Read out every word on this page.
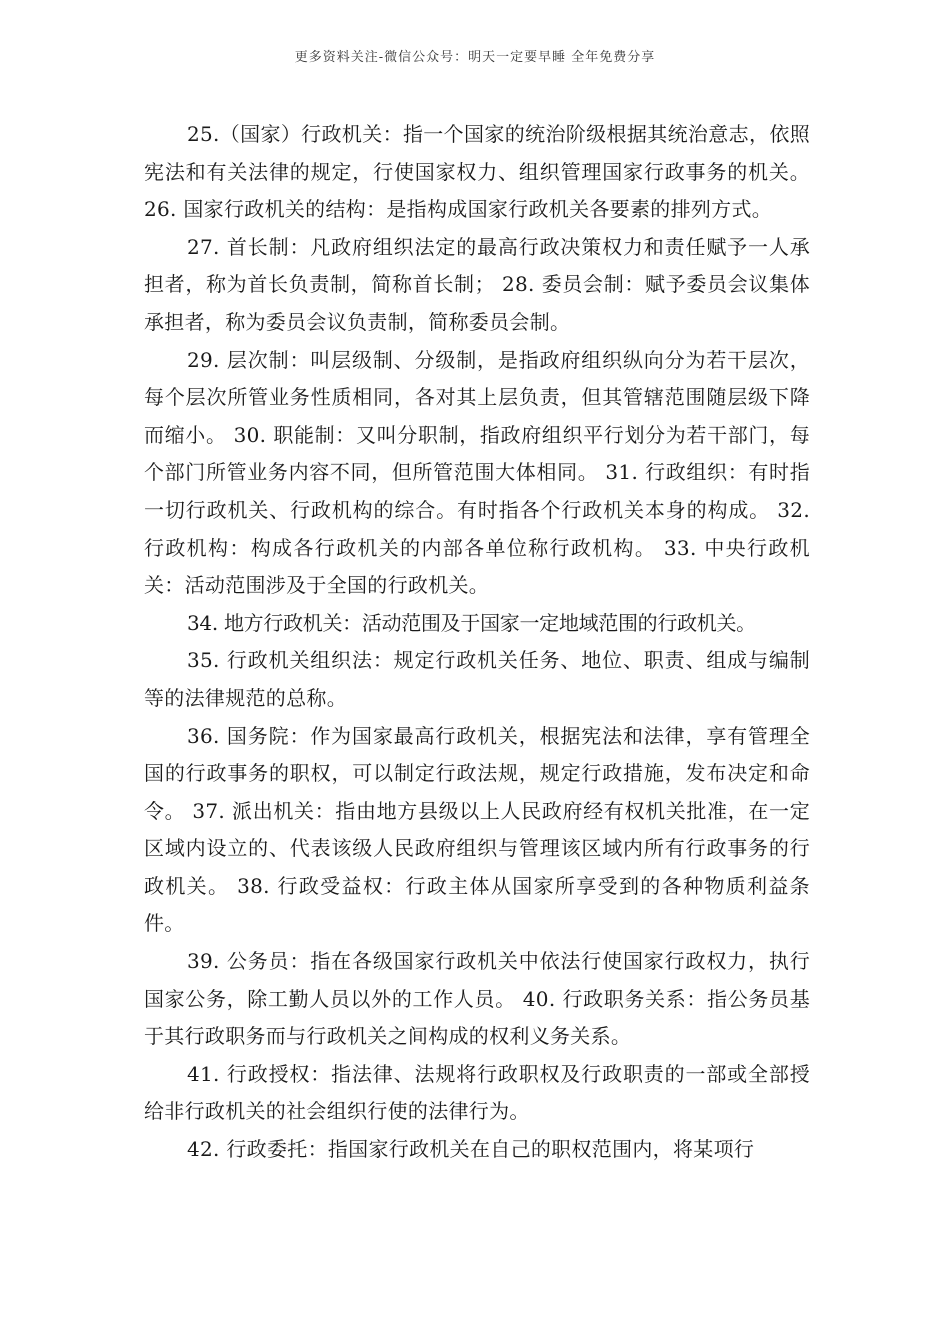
更多资料关注-微信公众号：明天一定要早睡 全年免费分享

25.（国家）行政机关：指一个国家的统治阶级根据其统治意志，依照宪法和有关法律的规定，行使国家权力、组织管理国家行政事务的机关。 26. 国家行政机关的结构：是指构成国家行政机关各要素的排列方式。

27. 首长制：凡政府组织法定的最高行政决策权力和责任赋予一人承担者，称为首长负责制，简称首长制； 28. 委员会制：赋予委员会议集体承担者，称为委员会议负责制，简称委员会制。

29. 层次制：叫层级制、分级制，是指政府组织纵向分为若干层次，每个层次所管业务性质相同，各对其上层负责，但其管辖范围随层级下降而缩小。 30. 职能制：又叫分职制，指政府组织平行划分为若干部门，每个部门所管业务内容不同，但所管范围大体相同。 31. 行政组织：有时指一切行政机关、行政机构的综合。有时指各个行政机关本身的构成。 32. 行政机构：构成各行政机关的内部各单位称行政机构。 33. 中央行政机关：活动范围涉及于全国的行政机关。

34. 地方行政机关：活动范围及于国家一定地域范围的行政机关。

35. 行政机关组织法：规定行政机关任务、地位、职责、组成与编制等的法律规范的总称。

36. 国务院：作为国家最高行政机关，根据宪法和法律，享有管理全国的行政事务的职权，可以制定行政法规，规定行政措施，发布决定和命令。 37. 派出机关：指由地方县级以上人民政府经有权机关批准，在一定区域内设立的、代表该级人民政府组织与管理该区域内所有行政事务的行政机关。 38. 行政受益权：行政主体从国家所享受到的各种物质利益条件。

39. 公务员：指在各级国家行政机关中依法行使国家行政权力，执行国家公务，除工勤人员以外的工作人员。 40. 行政职务关系：指公务员基于其行政职务而与行政机关之间构成的权利义务关系。

41. 行政授权：指法律、法规将行政职权及行政职责的一部或全部授给非行政机关的社会组织行使的法律行为。

42. 行政委托：指国家行政机关在自己的职权范围内，将某项行
